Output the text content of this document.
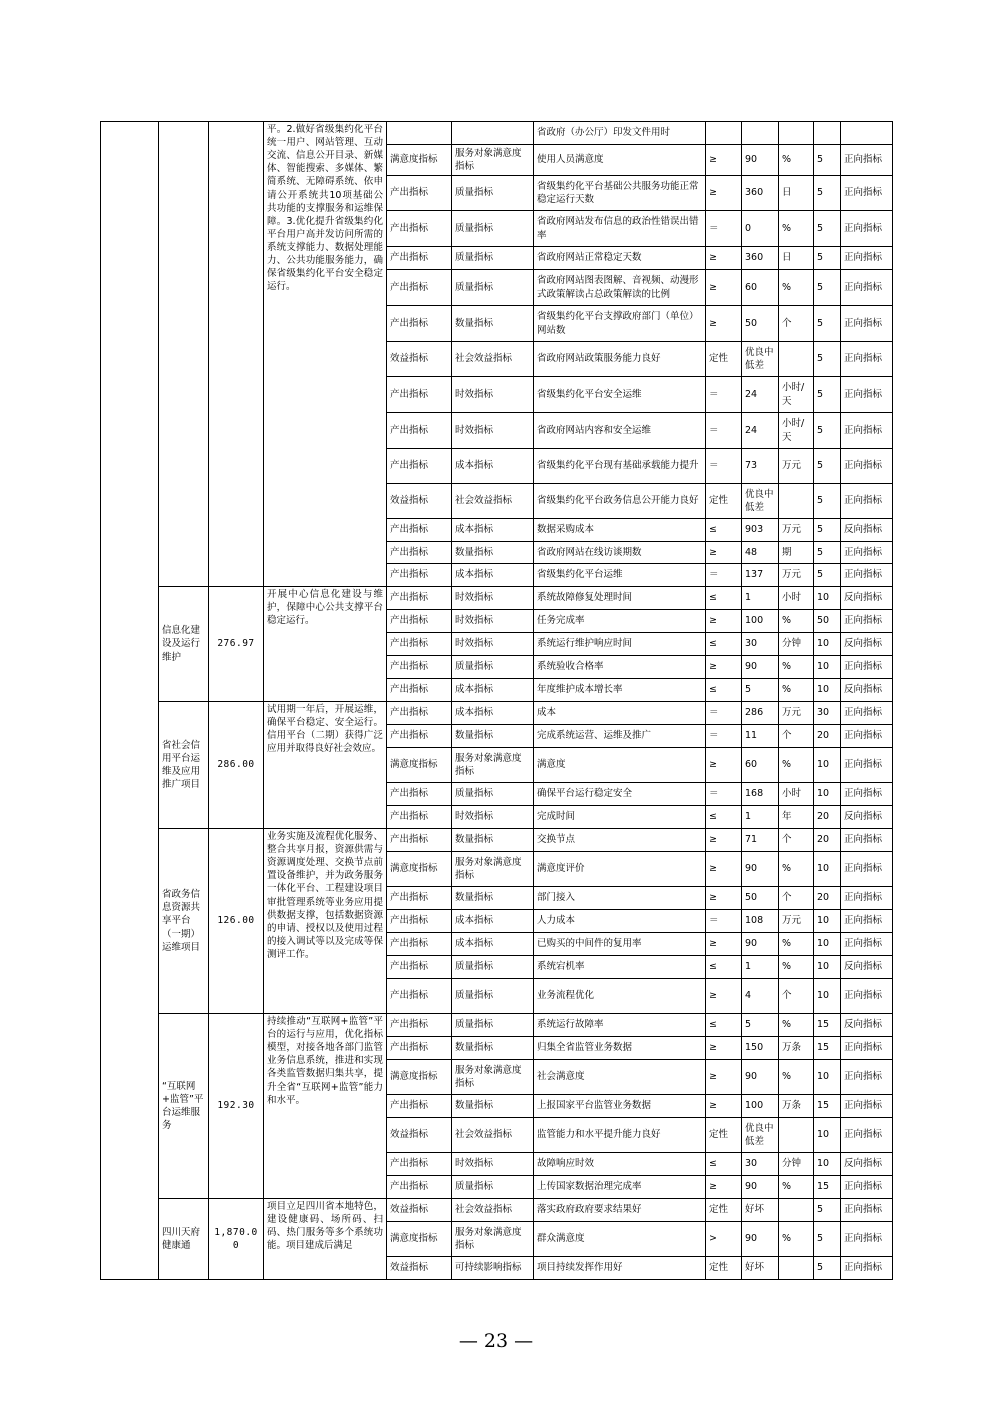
			平。2.做好省级集约化平台统一用户、网站管理、互动交流、信息公开目录、新媒体、智能搜索、多媒体、繁简系统、无障碍系统、依申请公开系统共10项基础公共功能的支撑服务和运维保障。3.优化提升省级集约化平台用户高并发访问所需的系统支撑能力、数据处理能力、公共功能服务能力，确保省级集约化平台安全稳定运行。			省政府（办公厅）印发文件用时					
				满意度指标	服务对象满意度指标	使用人员满意度	≥	90	%	5	正向指标
				产出指标	质量指标	省级集约化平台基础公共服务功能正常稳定运行天数	≥	360	日	5	正向指标
				产出指标	质量指标	省政府网站发布信息的政治性错误出错率	＝	0	%	5	正向指标
				产出指标	质量指标	省政府网站正常稳定天数	≥	360	日	5	正向指标
				产出指标	质量指标	省政府网站图表图解、音视频、动漫形式政策解读占总政策解读的比例	≥	60	%	5	正向指标
				产出指标	数量指标	省级集约化平台支撑政府部门（单位）网站数	≥	50	个	5	正向指标
				效益指标	社会效益指标	省政府网站政策服务能力良好	定性	优良中低差		5	正向指标
				产出指标	时效指标	省级集约化平台安全运维	＝	24	小时/天	5	正向指标
				产出指标	时效指标	省政府网站内容和安全运维	＝	24	小时/天	5	正向指标
				产出指标	成本指标	省级集约化平台现有基础承载能力提升	＝	73	万元	5	正向指标
				效益指标	社会效益指标	省级集约化平台政务信息公开能力良好	定性	优良中低差		5	正向指标
				产出指标	成本指标	数据采购成本	≤	903	万元	5	反向指标
				产出指标	数量指标	省政府网站在线访谈期数	≥	48	期	5	正向指标
				产出指标	成本指标	省级集约化平台运维	＝	137	万元	5	正向指标
	信息化建设及运行维护	276.97	开展中心信息化建设与维护，保障中心公共支撑平台稳定运行。	产出指标	时效指标	系统故障修复处理时间	≤	1	小时	10	反向指标
				产出指标	时效指标	任务完成率	≥	100	%	50	正向指标
				产出指标	时效指标	系统运行维护响应时间	≤	30	分钟	10	反向指标
				产出指标	质量指标	系统验收合格率	≥	90	%	10	正向指标
				产出指标	成本指标	年度维护成本增长率	≤	5	%	10	反向指标
	省社会信用平台运维及应用推广项目	286.00	试用期一年后，开展运维，确保平台稳定、安全运行。信用平台（二期）获得广泛应用并取得良好社会效应。	产出指标	成本指标	成本	＝	286	万元	30	正向指标
				产出指标	数量指标	完成系统运营、运维及推广	＝	11	个	20	正向指标
				满意度指标	服务对象满意度指标	满意度	≥	60	%	10	正向指标
				产出指标	质量指标	确保平台运行稳定安全	＝	168	小时	10	正向指标
				产出指标	时效指标	完成时间	≤	1	年	20	反向指标
	省政务信息资源共享平台（一期）运维项目	126.00	业务实施及流程优化服务、整合共享月报，资源供需与资源调度处理、交换节点前置设备维护，并为政务服务一体化平台、工程建设项目审批管理系统等业务应用提供数据支撑，包括数据资源的申请、授权以及使用过程的接入调试等以及完成等保测评工作。	产出指标	数量指标	交换节点	≥	71	个	20	正向指标
				满意度指标	服务对象满意度指标	满意度评价	≥	90	%	10	正向指标
				产出指标	数量指标	部门接入	≥	50	个	20	正向指标
				产出指标	成本指标	人力成本	＝	108	万元	10	正向指标
				产出指标	成本指标	已购买的中间件的复用率	≥	90	%	10	正向指标
				产出指标	质量指标	系统宕机率	≤	1	%	10	反向指标
				产出指标	质量指标	业务流程优化	≥	4	个	10	正向指标
	“互联网+监管”平台运维服务	192.30	持续推动“互联网+监管”平台的运行与应用，优化指标模型，对接各地各部门监管业务信息系统，推进和实现各类监管数据归集共享，提升全省“互联网+监管”能力和水平。	产出指标	质量指标	系统运行故障率	≤	5	%	15	反向指标
				产出指标	数量指标	归集全省监管业务数据	≥	150	万条	15	正向指标
				满意度指标	服务对象满意度指标	社会满意度	≥	90	%	10	正向指标
				产出指标	数量指标	上报国家平台监管业务数据	≥	100	万条	15	正向指标
				效益指标	社会效益指标	监管能力和水平提升能力良好	定性	优良中低差		10	正向指标
				产出指标	时效指标	故障响应时效	≤	30	分钟	10	反向指标
				产出指标	质量指标	上传国家数据治理完成率	≥	90	%	15	正向指标
	四川天府健康通	1,870.00	项目立足四川省本地特色，建设健康码、场所码、扫码、热门服务等多个系统功能。项目建成后满足	效益指标	社会效益指标	落实政府政府要求结果好	定性	好坏		5	正向指标
				满意度指标	服务对象满意度指标	群众满意度	>	90	%	5	正向指标
				效益指标	可持续影响指标	项目持续发挥作用好	定性	好坏		5	正向指标
— 23 —
